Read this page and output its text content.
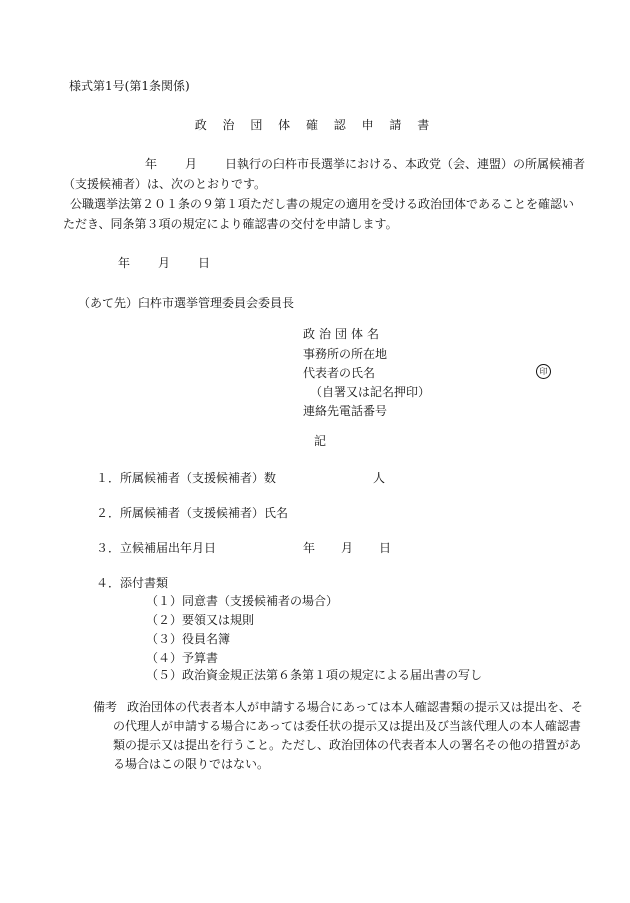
様式第1号(第1条関係)
政 治 団 体 確 認 申 請 書
年 月 日執行の臼杵市長選挙における、本政党（会、連盟）の所属候補者
（支援候補者）は、次のとおりです。
公職選挙法第２０１条の９第１項ただし書の規定の適用を受ける政治団体であることを確認い
ただき、同条第３項の規定により確認書の交付を申請します。
年 月 日
（あて先）臼杵市選挙管理委員会委員長
政治団体名
事務所の所在地
代表者の氏名	印
（自署又は記名押印）
連絡先電話番号
記
１．所属候補者（支援候補者）数	人
２．所属候補者（支援候補者）氏名
３．立候補届出年月日	年 月 日
４．添付書類
（１）同意書（支援候補者の場合）
（２）要領又は規則
（３）役員名簿
（４）予算書
（５）政治資金規正法第６条第１項の規定による届出書の写し
備考 政治団体の代表者本人が申請する場合にあっては本人確認書類の提示又は提出を、そ
の代理人が申請する場合にあっては委任状の提示又は提出及び当該代理人の本人確認書
類の提示又は提出を行うこと。ただし、政治団体の代表者本人の署名その他の措置があ
る場合はこの限りではない。
